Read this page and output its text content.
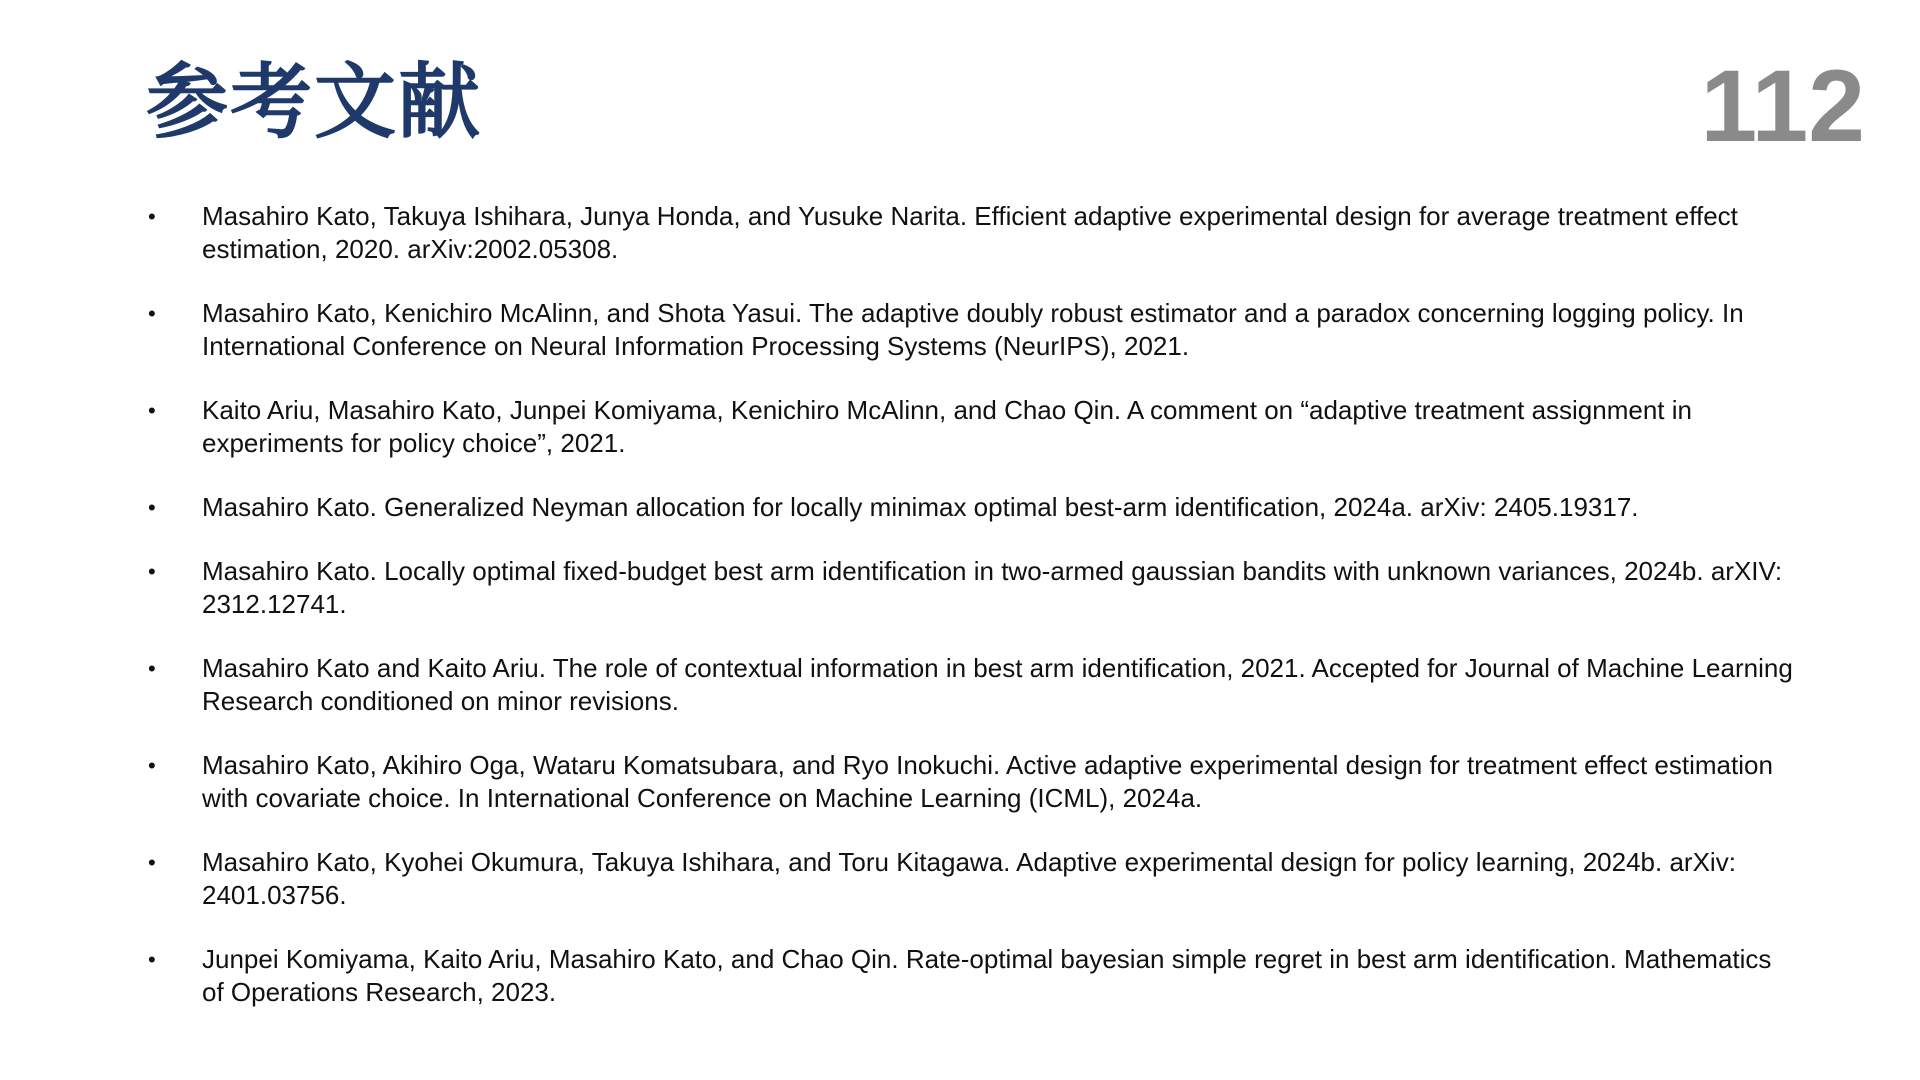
参考文献	112
•	Masahiro Kato, Takuya Ishihara, Junya Honda, and Yusuke Narita. Efficient adaptive experimental design for average treatment effect estimation, 2020. arXiv:2002.05308.
•	Masahiro Kato, Kenichiro McAlinn, and Shota Yasui. The adaptive doubly robust estimator and a paradox concerning logging policy. In International Conference on Neural Information Processing Systems (NeurIPS), 2021.
•	Kaito Ariu, Masahiro Kato, Junpei Komiyama, Kenichiro McAlinn, and Chao Qin. A comment on “adaptive treatment assignment in experiments for policy choice”, 2021.
•	Masahiro Kato. Generalized Neyman allocation for locally minimax optimal best-arm identification, 2024a. arXiv: 2405.19317.
•	Masahiro Kato. Locally optimal fixed-budget best arm identification in two-armed gaussian bandits with unknown variances, 2024b. arXIV: 2312.12741.
•	Masahiro Kato and Kaito Ariu. The role of contextual information in best arm identification, 2021. Accepted for Journal of Machine Learning Research conditioned on minor revisions.
•	Masahiro Kato, Akihiro Oga, Wataru Komatsubara, and Ryo Inokuchi. Active adaptive experimental design for treatment effect estimation with covariate choice. In International Conference on Machine Learning (ICML), 2024a.
•	Masahiro Kato, Kyohei Okumura, Takuya Ishihara, and Toru Kitagawa. Adaptive experimental design for policy learning, 2024b. arXiv: 2401.03756.
•	Junpei Komiyama, Kaito Ariu, Masahiro Kato, and Chao Qin. Rate-optimal bayesian simple regret in best arm identification. Mathematics of Operations Research, 2023.
